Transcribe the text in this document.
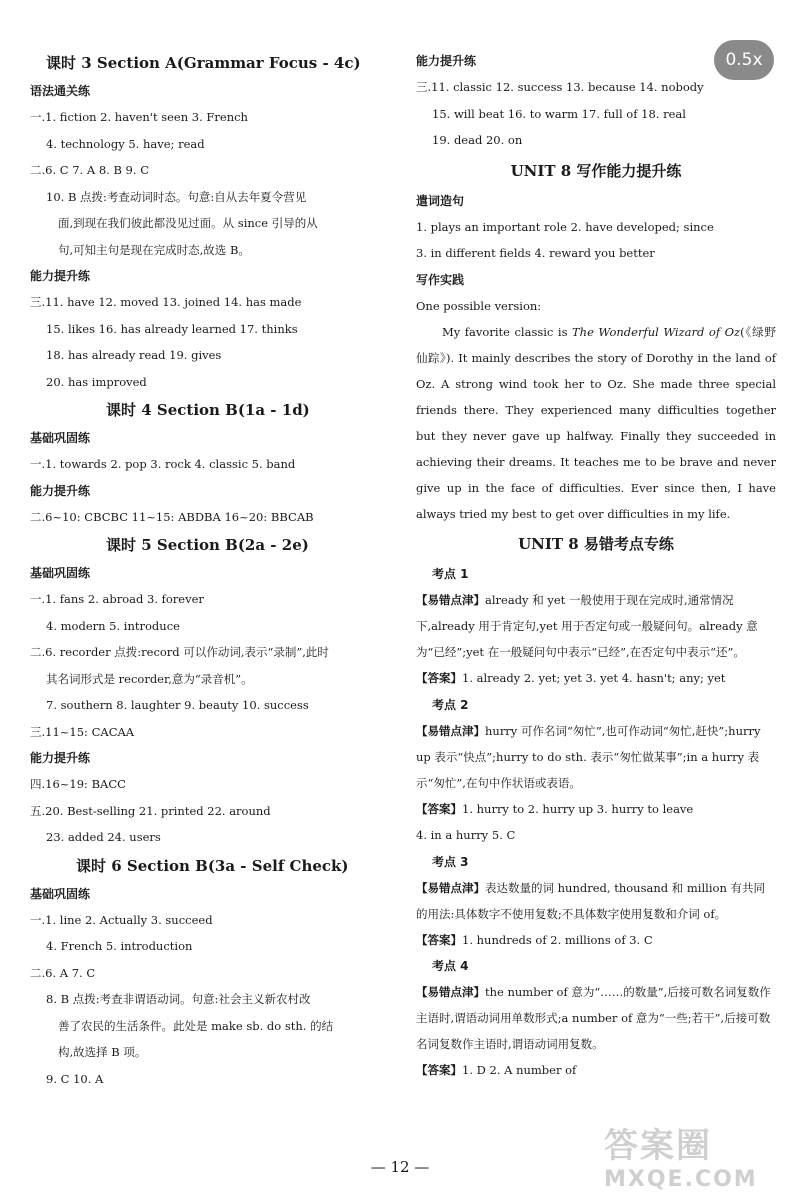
0.5x
课时 3 Section A(Grammar Focus - 4c)
语法通关练
一.1. fiction 2. haven't seen 3. French
4. technology 5. have; read
二.6. C 7. A 8. B 9. C
10. B 点拨:考查动词时态。句意:自从去年夏令营见
面,到现在我们彼此都没见过面。从 since 引导的从
句,可知主句是现在完成时态,故选 B。
能力提升练
三.11. have 12. moved 13. joined 14. has made
15. likes 16. has already learned 17. thinks
18. has already read 19. gives
20. has improved
课时 4 Section B(1a - 1d)
基础巩固练
一.1. towards 2. pop 3. rock 4. classic 5. band
能力提升练
二.6~10: CBCBC 11~15: ABDBA 16~20: BBCAB
课时 5 Section B(2a - 2e)
基础巩固练
一.1. fans 2. abroad 3. forever
4. modern 5. introduce
二.6. recorder 点拨:record 可以作动词,表示“录制”,此时
其名词形式是 recorder,意为“录音机”。
7. southern 8. laughter 9. beauty 10. success
三.11~15: CACAA
能力提升练
四.16~19: BACC
五.20. Best-selling 21. printed 22. around
23. added 24. users
课时 6 Section B(3a - Self Check)
基础巩固练
一.1. line 2. Actually 3. succeed
4. French 5. introduction
二.6. A 7. C
8. B 点拨:考查非谓语动词。句意:社会主义新农村改
善了农民的生活条件。此处是 make sb. do sth. 的结
构,故选择 B 项。
9. C 10. A
能力提升练
三.11. classic 12. success 13. because 14. nobody
15. will beat 16. to warm 17. full of 18. real
19. dead 20. on
UNIT 8 写作能力提升练
遣词造句
1. plays an important role 2. have developed; since
3. in different fields 4. reward you better
写作实践
One possible version:
My favorite classic is The Wonderful Wizard of Oz(《绿野仙踪》). It mainly describes the story of Dorothy in the land of Oz. A strong wind took her to Oz. She made three special friends there. They experienced many difficulties together but they never gave up halfway. Finally they succeeded in achieving their dreams. It teaches me to be brave and never give up in the face of difficulties. Ever since then, I have always tried my best to get over difficulties in my life.
UNIT 8 易错考点专练
考点 1
【易错点津】already 和 yet 一般使用于现在完成时,通常情况下,already 用于肯定句,yet 用于否定句或一般疑问句。already 意为“已经”;yet 在一般疑问句中表示“已经”,在否定句中表示“还”。
【答案】1. already 2. yet; yet 3. yet 4. hasn't; any; yet
考点 2
【易错点津】hurry 可作名词“匆忙”,也可作动词“匆忙,赶快”;hurry up 表示“快点”;hurry to do sth. 表示“匆忙做某事”;in a hurry 表示“匆忙”,在句中作状语或表语。
【答案】1. hurry to 2. hurry up 3. hurry to leave
4. in a hurry 5. C
考点 3
【易错点津】表达数量的词 hundred, thousand 和 million 有共同的用法:具体数字不使用复数;不具体数字使用复数和介词 of。
【答案】1. hundreds of 2. millions of 3. C
考点 4
【易错点津】the number of 意为“……的数量”,后接可数名词复数作主语时,谓语动词用单数形式;a number of 意为“一些;若干”,后接可数名词复数作主语时,谓语动词用复数。
【答案】1. D 2. A number of
— 12 —
答案圈
MXQE.COM
